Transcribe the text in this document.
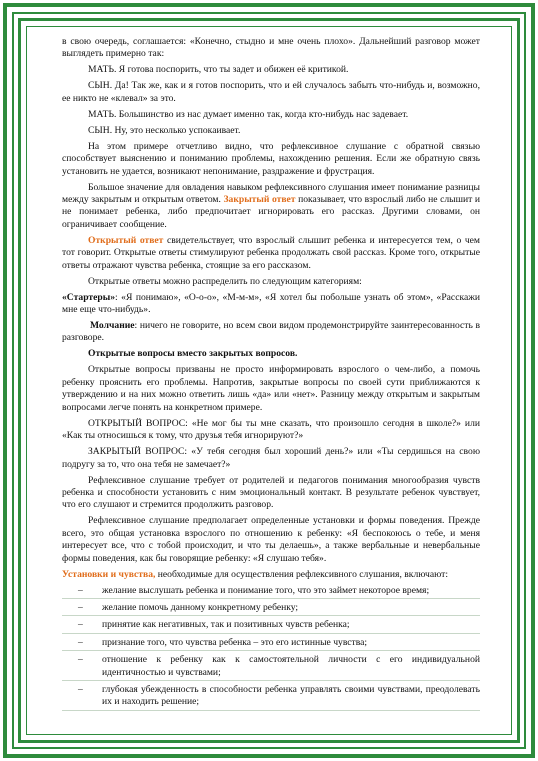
в свою очередь, соглашается: «Конечно, стыдно и мне очень плохо». Дальнейший разговор может выглядеть примерно так:

МАТЬ. Я готова поспорить, что ты задет и обижен её критикой.

СЫН. Да! Так же, как и я готов поспорить, что и ей случалось забыть что-нибудь и, возможно, ее никто не «клевал» за это.

МАТЬ. Большинство из нас думает именно так, когда кто-нибудь нас задевает.

СЫН. Ну, это несколько успокаивает.

На этом примере отчетливо видно, что рефлексивное слушание с обратной связью способствует выяснению и пониманию проблемы, нахождению решения. Если же обратную связь установить не удается, возникают непонимание, раздражение и фрустрация.

Большое значение для овладения навыком рефлексивного слушания имеет понимание разницы между закрытым и открытым ответом. Закрытый ответ показывает, что взрослый либо не слышит и не понимает ребенка, либо предпочитает игнорировать его рассказ. Другими словами, он ограничивает сообщение.

Открытый ответ свидетельствует, что взрослый слышит ребенка и интересуется тем, о чем тот говорит. Открытые ответы стимулируют ребенка продолжать свой рассказ. Кроме того, открытые ответы отражают чувства ребенка, стоящие за его рассказом.

Открытые ответы можно распределить по следующим категориям:

«Стартеры»: «Я понимаю», «О-о-о», «М-м-м», «Я хотел бы побольше узнать об этом», «Расскажи мне еще что-нибудь».

Молчание: ничего не говорите, но всем свои видом продемонстрируйте заинтересованность в разговоре.

Открытые вопросы вместо закрытых вопросов.

Открытые вопросы призваны не просто информировать взрослого о чем-либо, а помочь ребенку прояснить его проблемы. Напротив, закрытые вопросы по своей сути приближаются к утверждению и на них можно ответить лишь «да» или «нет». Разницу между открытым и закрытым вопросами легче понять на конкретном примере.

ОТКРЫТЫЙ ВОПРОС: «Не мог бы ты мне сказать, что произошло сегодня в школе?» или «Как ты относишься к тому, что друзья тебя игнорируют?»

ЗАКРЫТЫЙ ВОПРОС: «У тебя сегодня был хороший день?» или «Ты сердишься на свою подругу за то, что она тебя не замечает?»

Рефлексивное слушание требует от родителей и педагогов понимания многообразия чувств ребенка и способности установить с ним эмоциональный контакт. В результате ребенок чувствует, что его слушают и стремится продолжить разговор.

Рефлексивное слушание предполагает определенные установки и формы поведения. Прежде всего, это общая установка взрослого по отношению к ребенку: «Я беспокоюсь о тебе, и меня интересует все, что с тобой происходит, и что ты делаешь», а также вербальные и невербальные формы поведения, как бы говорящие ребенку: «Я слушаю тебя».

Установки и чувства, необходимые для осуществления рефлексивного слушания, включают:

– желание выслушать ребенка и понимание того, что это займет некоторое время;
– желание помочь данному конкретному ребенку;
– принятие как негативных, так и позитивных чувств ребенка;
– признание того, что чувства ребенка – это его истинные чувства;
– отношение к ребенку как к самостоятельной личности с его индивидуальной идентичностью и чувствами;
– глубокая убежденность в способности ребенка управлять своими чувствами, преодолевать их и находить решение;
